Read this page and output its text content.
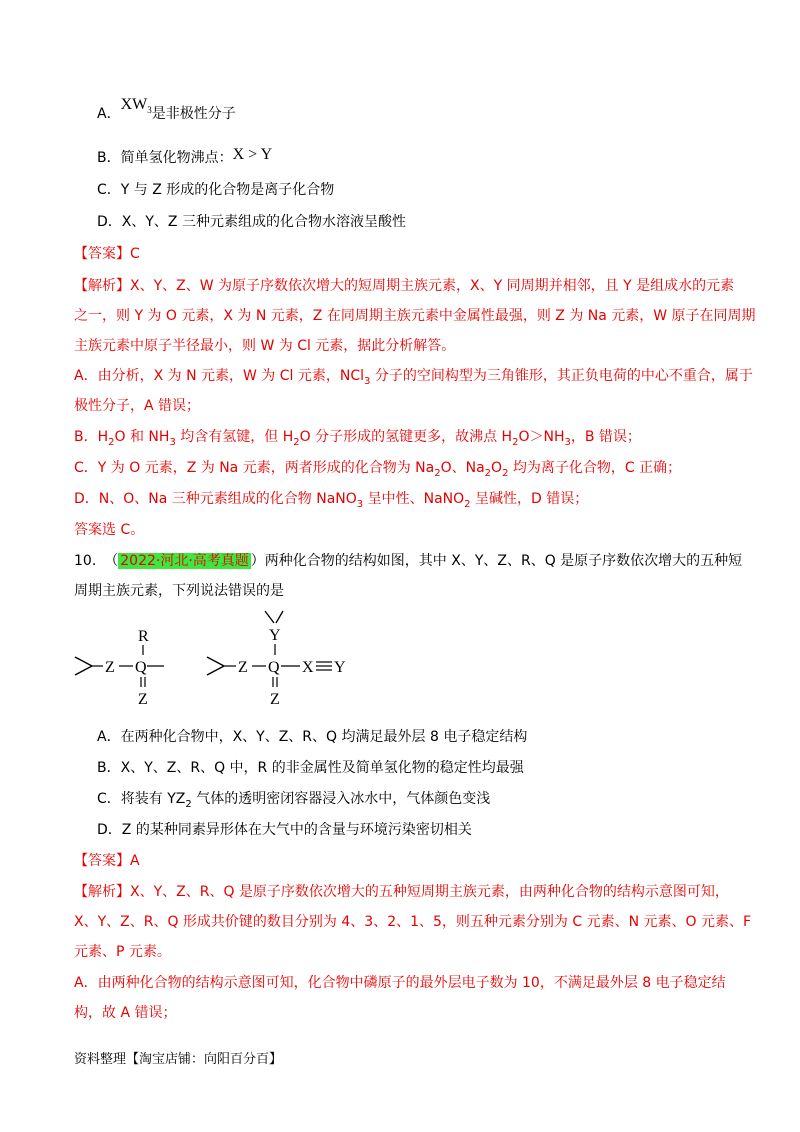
A．$XW_3$是非极性分子
B．简单氢化物沸点：X > Y
C．Y 与 Z 形成的化合物是离子化合物
D．X、Y、Z 三种元素组成的化合物水溶液呈酸性
【答案】C
【解析】X、Y、Z、W 为原子序数依次增大的短周期主族元素，X、Y 同周期并相邻，且 Y 是组成水的元素
之一，则 Y 为 O 元素，X 为 N 元素，Z 在同周期主族元素中金属性最强，则 Z 为 Na 元素，W 原子在同周期
主族元素中原子半径最小，则 W 为 Cl 元素，据此分析解答。
A．由分析，X 为 N 元素，W 为 Cl 元素，NCl$_3$ 分子的空间构型为三角锥形，其正负电荷的中心不重合，属于
极性分子，A 错误；
B．$H_2O$ 和 $NH_3$ 均含有氢键，但 $H_2O$ 分子形成的氢键更多，故沸点 $H_2O>NH_3$，B 错误；
C．Y 为 O 元素，Z 为 Na 元素，两者形成的化合物为 $Na_2O$、$Na_2O_2$ 均为离子化合物，C 正确；
D．N、O、Na 三种元素组成的化合物 NaNO$_3$ 呈中性、NaNO$_2$ 呈碱性，D 错误；
答案选 C。
10. （ 2022·河北·高考真题 ）两种化合物的结构如图，其中 X、Y、Z、R、Q 是原子序数依次增大的五种短
周期主族元素，下列说法错误的是
Z Q
R
Z
Z Q X Y
Y
Z
A．在两种化合物中，X、Y、Z、R、Q 均满足最外层 8 电子稳定结构
B．X、Y、Z、R、Q 中，R 的非金属性及简单氢化物的稳定性均最强
C．将装有 $YZ_2$ 气体的透明密闭容器浸入冰水中，气体颜色变浅
D．Z 的某种同素异形体在大气中的含量与环境污染密切相关
【答案】A
【解析】X、Y、Z、R、Q 是原子序数依次增大的五种短周期主族元素，由两种化合物的结构示意图可知，
X、Y、Z、R、Q 形成共价键的数目分别为 4、3、2、1、5，则五种元素分别为 C 元素、N 元素、O 元素、F
元素、P 元素。
A．由两种化合物的结构示意图可知，化合物中磷原子的最外层电子数为 10，不满足最外层 8 电子稳定结
构，故 A 错误；
资料整理【淘宝店铺：向阳百分百】
